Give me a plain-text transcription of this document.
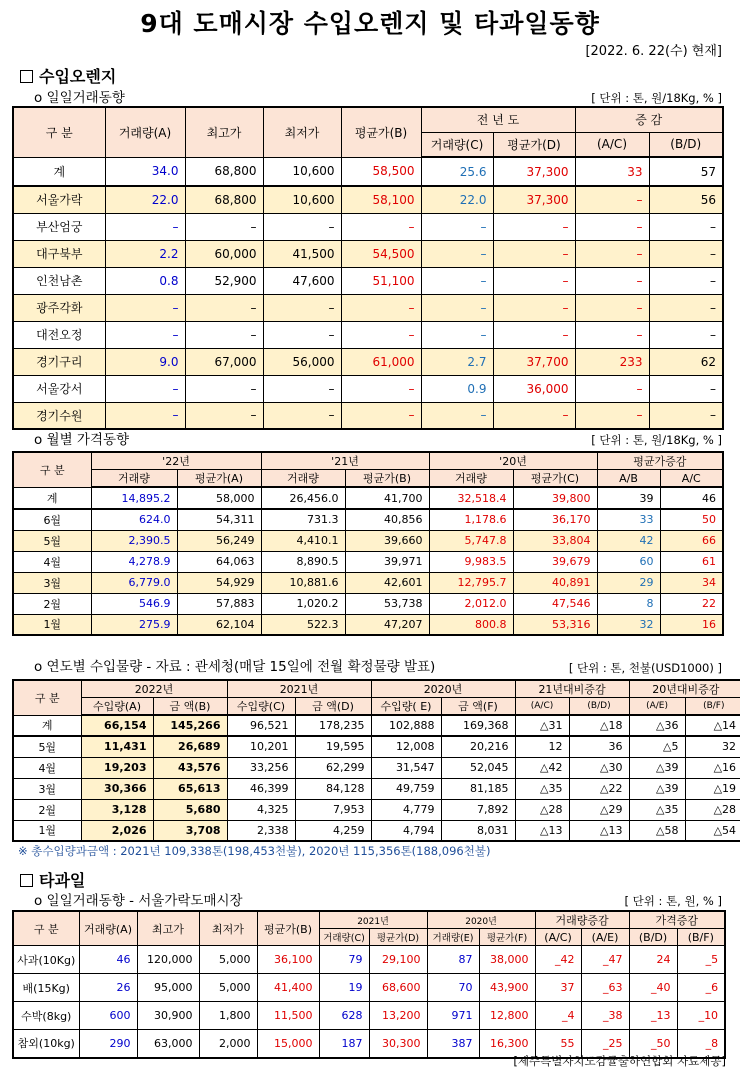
9대 도매시장 수입오렌지 및 타과일동향
[2022. 6. 22(수) 현재]
수입오렌지
o 일일거래동향	[ 단위 : 톤, 원/18Kg, % ]
구 분	거래량(A)	최고가	최저가	평균가(B)	전 년 도		증 감	
					거래량(C)	평균가(D)	(A/C)	(B/D)
계	34.0	68,800	10,600	58,500	25.6	37,300	33	57
서울가락	22.0	68,800	10,600	58,100	22.0	37,300	–	56
부산엄궁	–	–	–	–	–	–	–	–
대구북부	2.2	60,000	41,500	54,500	–	–	–	–
인천남촌	0.8	52,900	47,600	51,100	–	–	–	–
광주각화	–	–	–	–	–	–	–	–
대전오정	–	–	–	–	–	–	–	–
경기구리	9.0	67,000	56,000	61,000	2.7	37,700	233	62
서울강서	–	–	–	–	0.9	36,000	–	–
경기수원	–	–	–	–	–	–	–	–
o 월별 가격동향	[ 단위 : 톤, 원/18Kg, % ]
구 분	'22년		'21년		'20년		평균가증감	
	거래량	평균가(A)	거래량	평균가(B)	거래량	평균가(C)	A/B	A/C
계	14,895.2	58,000	26,456.0	41,700	32,518.4	39,800	39	46
6월	624.0	54,311	731.3	40,856	1,178.6	36,170	33	50
5월	2,390.5	56,249	4,410.1	39,660	5,747.8	33,804	42	66
4월	4,278.9	64,063	8,890.5	39,971	9,983.5	39,679	60	61
3월	6,779.0	54,929	10,881.6	42,601	12,795.7	40,891	29	34
2월	546.9	57,883	1,020.2	53,738	2,012.0	47,546	8	22
1월	275.9	62,104	522.3	47,207	800.8	53,316	32	16
o 연도별 수입물량 - 자료 : 관세청(매달 15일에 전월 확정물량 발표)	[ 단위 : 톤, 천불(USD1000) ]
구 분	2022년		2021년		2020년		21년대비증감		20년대비증감	
	수입량(A)	금 액(B)	수입량(C)	금 액(D)	수입량( E)	금 액(F)	(A/C)	(B/D)	(A/E)	(B/F)
계	66,154	145,266	96,521	178,235	102,888	169,368	△31	△18	△36	△14
5월	11,431	26,689	10,201	19,595	12,008	20,216	12	36	△5	32
4월	19,203	43,576	33,256	62,299	31,547	52,045	△42	△30	△39	△16
3월	30,366	65,613	46,399	84,128	49,759	81,185	△35	△22	△39	△19
2월	3,128	5,680	4,325	7,953	4,779	7,892	△28	△29	△35	△28
1월	2,026	3,708	2,338	4,259	4,794	8,031	△13	△13	△58	△54
※ 총수입량과금액 : 2021년 109,338톤(198,453천불), 2020년 115,356톤(188,096천불)
타과일
o 일일거래동향 - 서울가락도매시장	[ 단위 : 톤, 원, % ]
구 분	거래량(A)	최고가	최저가	평균가(B)	2021년		2020년		거래량증감		가격증감	
					거래량(C)	평균가(D)	거래량(E)	평균가(F)	(A/C)	(A/E)	(B/D)	(B/F)
사과(10Kg)	46	120,000	5,000	36,100	79	29,100	87	38,000	_42	_47	24	_5
배(15Kg)	26	95,000	5,000	41,400	19	68,600	70	43,900	37	_63	_40	_6
수박(8kg)	600	30,900	1,800	11,500	628	13,200	971	12,800	_4	_38	_13	_10
참외(10kg)	290	63,000	2,000	15,000	187	30,300	387	16,300	55	_25	_50	_8
[제주특별자치도감귤출하연합회 자료제공]
